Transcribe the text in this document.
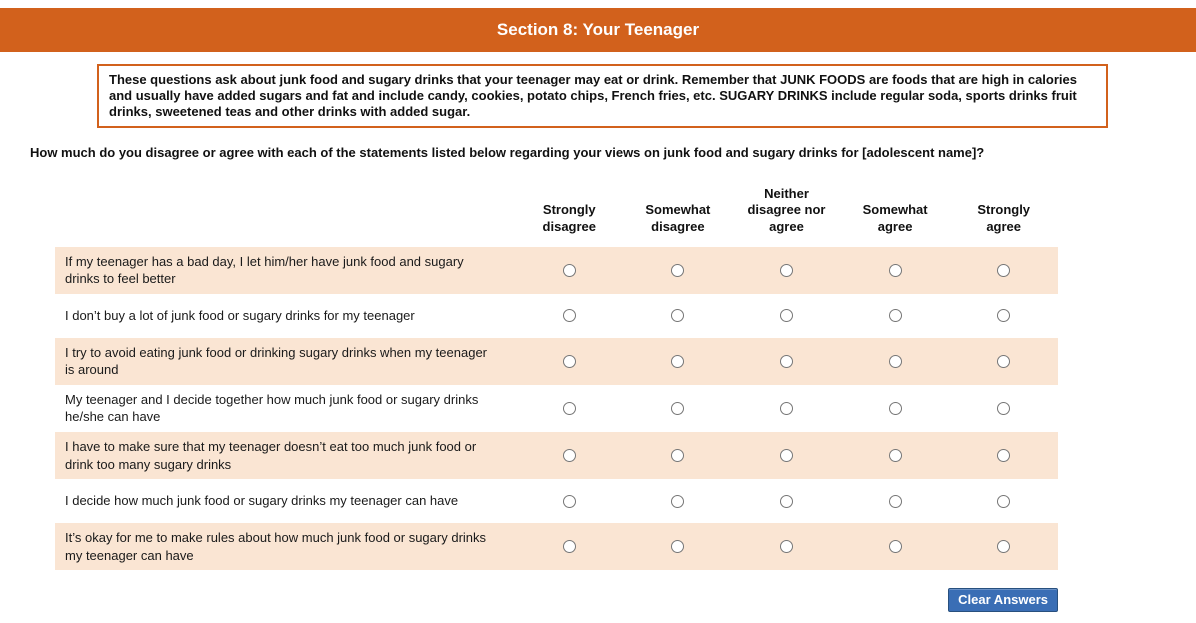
Section 8: Your Teenager
These questions ask about junk food and sugary drinks that your teenager may eat or drink. Remember that JUNK FOODS are foods that are high in calories and usually have added sugars and fat and include candy, cookies, potato chips, French fries, etc. SUGARY DRINKS include regular soda, sports drinks fruit drinks, sweetened teas and other drinks with added sugar.
How much do you disagree or agree with each of the statements listed below regarding your views on junk food and sugary drinks for [adolescent name]?
Strongly disagree
Somewhat disagree
Neither disagree nor agree
Somewhat agree
Strongly agree
If my teenager has a bad day, I let him/her have junk food and sugary drinks to feel better
I don’t buy a lot of junk food or sugary drinks for my teenager
I try to avoid eating junk food or drinking sugary drinks when my teenager is around
My teenager and I decide together how much junk food or sugary drinks he/she can have
I have to make sure that my teenager doesn’t eat too much junk food or drink too many sugary drinks
I decide how much junk food or sugary drinks my teenager can have
It’s okay for me to make rules about how much junk food or sugary drinks my teenager can have
Clear Answers
